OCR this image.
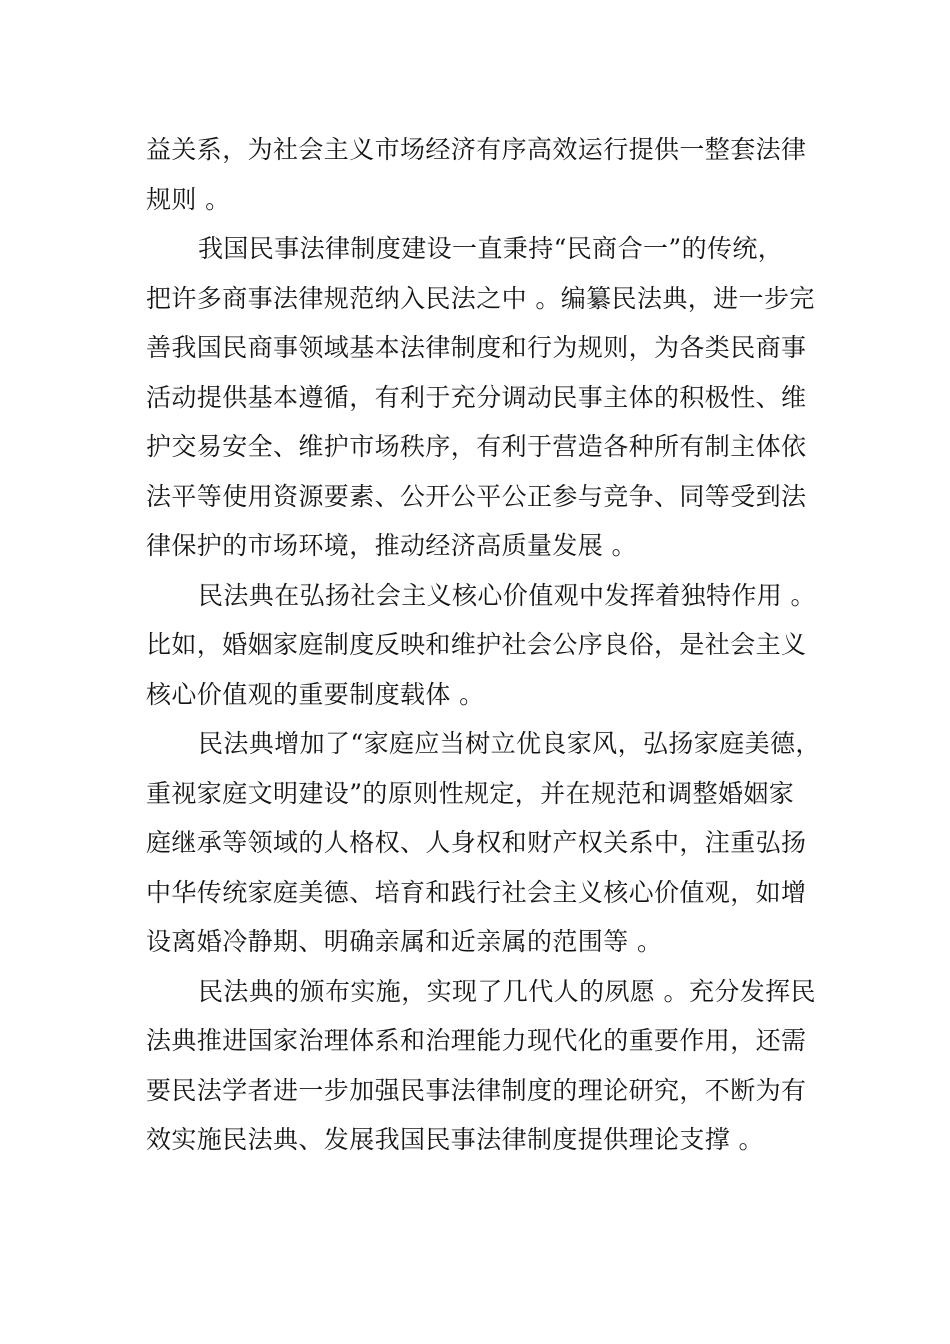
益关系，为社会主义市场经济有序高效运行提供一整套法律
规则 。
我国民事法律制度建设一直秉持“民商合一”的传统，
把许多商事法律规范纳入民法之中 。编纂民法典，进一步完
善我国民商事领域基本法律制度和行为规则，为各类民商事
活动提供基本遵循，有利于充分调动民事主体的积极性、维
护交易安全、维护市场秩序，有利于营造各种所有制主体依
法平等使用资源要素、公开公平公正参与竞争、同等受到法
律保护的市场环境，推动经济高质量发展 。
民法典在弘扬社会主义核心价值观中发挥着独特作用 。
比如，婚姻家庭制度反映和维护社会公序良俗，是社会主义
核心价值观的重要制度载体 。
民法典增加了“家庭应当树立优良家风，弘扬家庭美德，
重视家庭文明建设”的原则性规定，并在规范和调整婚姻家
庭继承等领域的人格权、人身权和财产权关系中，注重弘扬
中华传统家庭美德、培育和践行社会主义核心价值观，如增
设离婚冷静期、明确亲属和近亲属的范围等 。
民法典的颁布实施，实现了几代人的夙愿 。充分发挥民
法典推进国家治理体系和治理能力现代化的重要作用，还需
要民法学者进一步加强民事法律制度的理论研究，不断为有
效实施民法典、发展我国民事法律制度提供理论支撑 。
